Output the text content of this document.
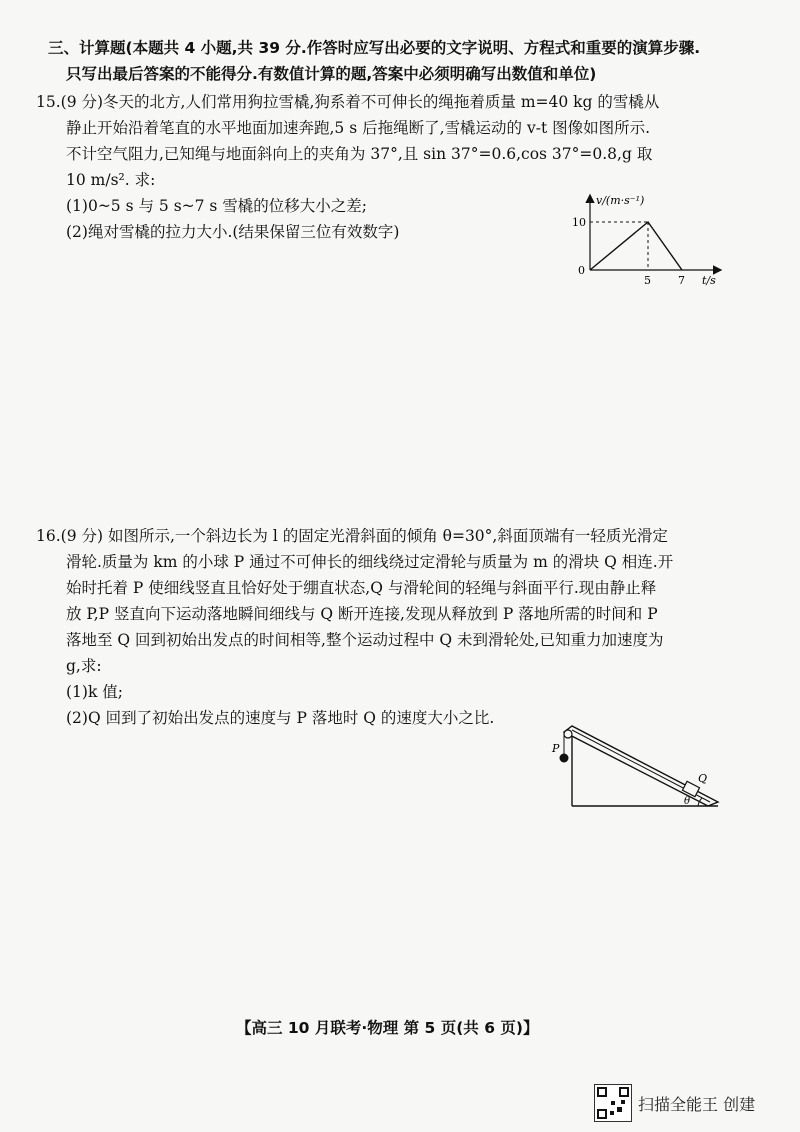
三、计算题(本题共 4 小题,共 39 分.作答时应写出必要的文字说明、方程式和重要的演算步骤.
只写出最后答案的不能得分.有数值计算的题,答案中必须明确写出数值和单位)
15.(9 分)冬天的北方,人们常用狗拉雪橇,狗系着不可伸长的绳拖着质量 m=40 kg 的雪橇从
静止开始沿着笔直的水平地面加速奔跑,5 s 后拖绳断了,雪橇运动的 v-t 图像如图所示.
不计空气阻力,已知绳与地面斜向上的夹角为 37°,且 sin 37°=0.6,cos 37°=0.8,g 取
10 m/s². 求:
(1)0~5 s 与 5 s~7 s 雪橇的位移大小之差;
(2)绳对雪橇的拉力大小.(结果保留三位有效数字)
v/(m·s⁻¹)
10
0
5 7 t/s
16.(9 分) 如图所示,一个斜边长为 l 的固定光滑斜面的倾角 θ=30°,斜面顶端有一轻质光滑定
滑轮.质量为 km 的小球 P 通过不可伸长的细线绕过定滑轮与质量为 m 的滑块 Q 相连.开
始时托着 P 使细线竖直且恰好处于绷直状态,Q 与滑轮间的轻绳与斜面平行.现由静止释
放 P,P 竖直向下运动落地瞬间细线与 Q 断开连接,发现从释放到 P 落地所需的时间和 P
落地至 Q 回到初始出发点的时间相等,整个运动过程中 Q 未到滑轮处,已知重力加速度为
g,求:
(1)k 值;
(2)Q 回到了初始出发点的速度与 P 落地时 Q 的速度大小之比.
P
Q
θ
【高三 10 月联考·物理 第 5 页(共 6 页)】
扫描全能王 创建
